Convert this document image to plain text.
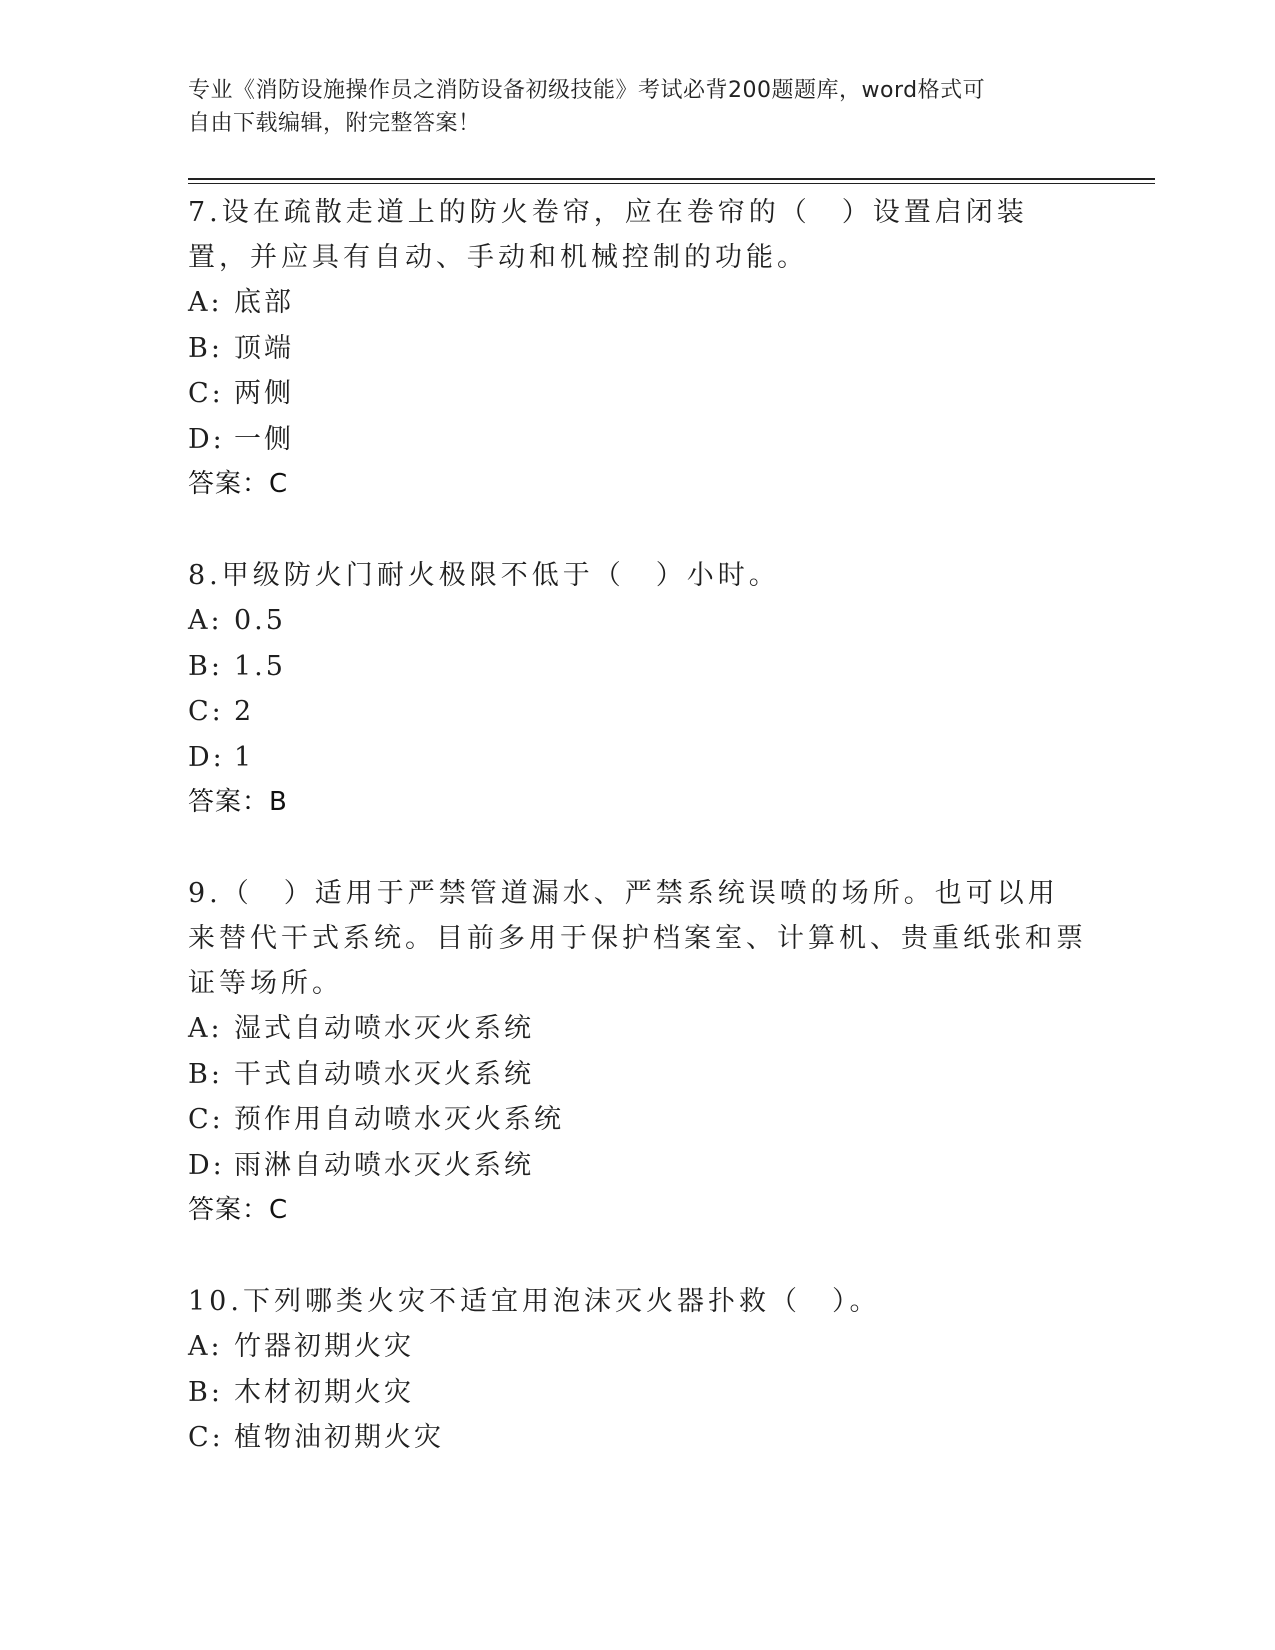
专业《消防设施操作员之消防设备初级技能》考试必背200题题库，word格式可
自由下载编辑，附完整答案！

7.设在疏散走道上的防火卷帘，应在卷帘的（　）设置启闭装置，并应具有自动、手动和机械控制的功能。

A: 底部
B: 顶端
C: 两侧
D: 一侧

答案：C

8.甲级防火门耐火极限不低于（　）小时。

A: 0.5
B: 1.5
C: 2
D: 1

答案：B

9.（　）适用于严禁管道漏水、严禁系统误喷的场所。也可以用来替代干式系统。目前多用于保护档案室、计算机、贵重纸张和票证等场所。

A: 湿式自动喷水灭火系统
B: 干式自动喷水灭火系统
C: 预作用自动喷水灭火系统
D: 雨淋自动喷水灭火系统

答案：C

10.下列哪类火灾不适宜用泡沫灭火器扑救（　）。

A: 竹器初期火灾
B: 木材初期火灾
C: 植物油初期火灾
